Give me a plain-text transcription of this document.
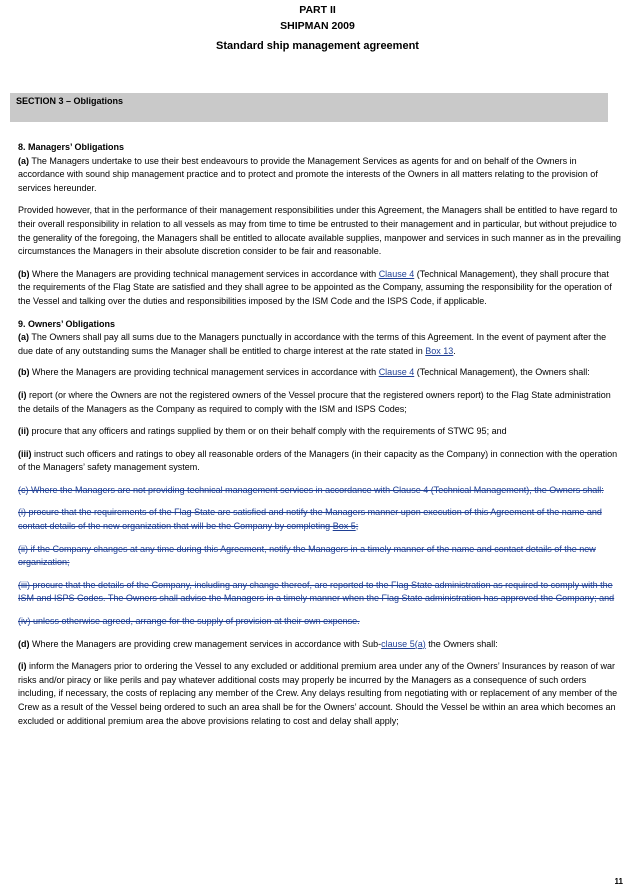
PART II
SHIPMAN 2009
Standard ship management agreement
SECTION 3 – Obligations

8. Managers’ Obligations

(a) The Managers undertake to use their best endeavours to provide the Management Services as agents for and on behalf of the Owners in accordance with sound ship management practice and to protect and promote the interests of the Owners in all matters relating to the provision of services hereunder.

Provided however, that in the performance of their management responsibilities under this Agreement, the Managers shall be entitled to have regard to their overall responsibility in relation to all vessels as may from time to time be entrusted to their management and in particular, but without prejudice to the generality of the foregoing, the Managers shall be entitled to allocate available supplies, manpower and services in such manner as in the prevailing circumstances the Managers in their absolute discretion consider to be fair and reasonable.

(b) Where the Managers are providing technical management services in accordance with Clause 4 (Technical Management), they shall procure that the requirements of the Flag State are satisfied and they shall agree to be appointed as the Company, assuming the responsibility for the operation of the Vessel and talking over the duties and responsibilities imposed by the ISM Code and the ISPS Code, if applicable.

9. Owners’ Obligations

(a) The Owners shall pay all sums due to the Managers punctually in accordance with the terms of this Agreement. In the event of payment after the due date of any outstanding sums the Manager shall be entitled to charge interest at the rate stated in Box 13.

(b) Where the Managers are providing technical management services in accordance with Clause 4 (Technical Management), the Owners shall:

(i) report (or where the Owners are not the registered owners of the Vessel procure that the registered owners report) to the Flag State administration the details of the Managers as the Company as required to comply with the ISM and ISPS Codes;

(ii) procure that any officers and ratings supplied by them or on their behalf comply with the requirements of STWC 95; and

(iii) instruct such officers and ratings to obey all reasonable orders of the Managers (in their capacity as the Company) in connection with the operation of the Managers’ safety management system.

(c) Where the Managers are not providing technical management services in accordance with Clause 4 (Technical Management), the Owners shall:

(i) procure that the requirements of the Flag State are satisfied and notify the Managers manner upon execution of this Agreement of the name and contact details of the new organization that will be the Company by completing Box 5;

(ii) if the Company changes at any time during this Agreement, notify the Managers in a timely manner of the name and contact details of the new organization;

(iii) procure that the details of the Company, including any change thereof, are reported to the Flag State administration as required to comply with the ISM and ISPS Codes. The Owners shall advise the Managers in a timely manner when the Flag State administration has approved the Company; and

(iv) unless otherwise agreed, arrange for the supply of provision at their own expense.

(d) Where the Managers are providing crew management services in accordance with Sub-clause 5(a) the Owners shall:

(i) inform the Managers prior to ordering the Vessel to any excluded or additional premium area under any of the Owners’ Insurances by reason of war risks and/or piracy or like perils and pay whatever additional costs may properly be incurred by the Managers as a consequence of such orders including, if necessary, the costs of replacing any member of the Crew. Any delays resulting from negotiating with or replacement of any member of the Crew as a result of the Vessel being ordered to such an area shall be for the Owners’ account. Should the Vessel be within an area which becomes an excluded or additional premium area the above provisions relating to cost and delay shall apply;

11
